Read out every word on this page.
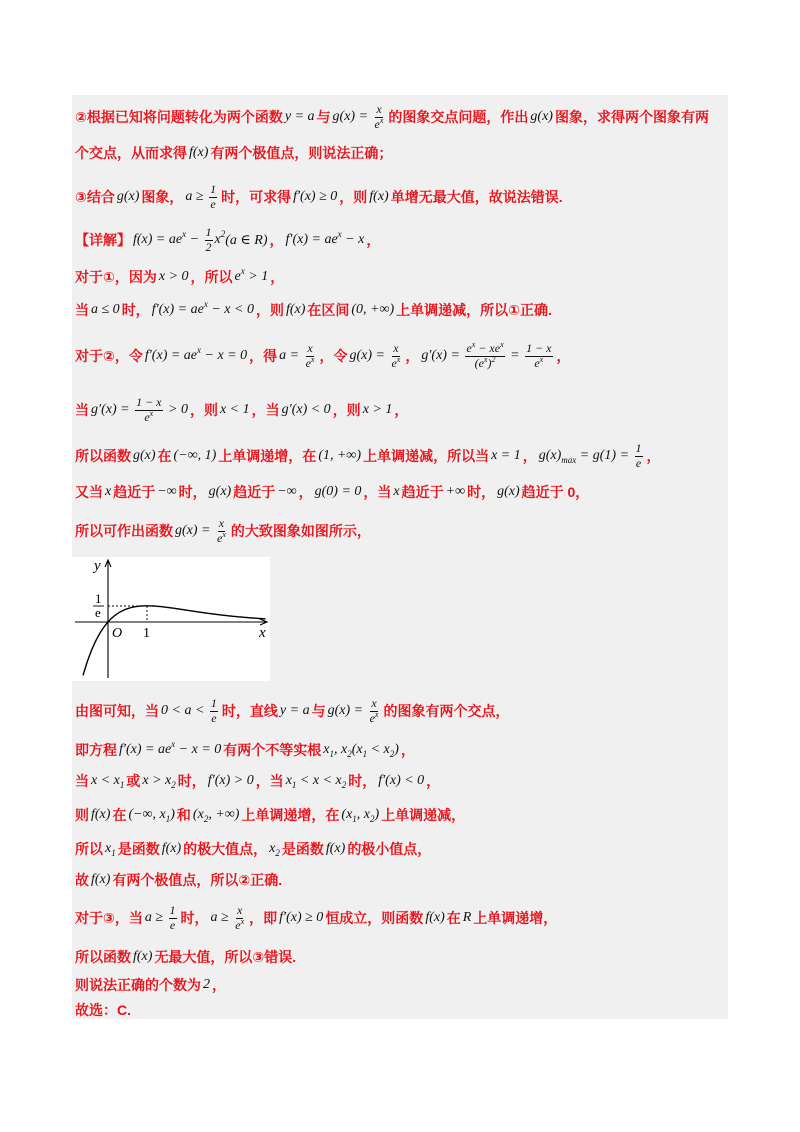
②根据已知将问题转化为两个函数 y = a 与 $g(x) = \frac{x}{\text{e x}}$ 的图象交点问题，作出 g(x) 图象，求得两个图象有两
个交点，从而求得 f(x) 有两个极值点，则说法正确；
③结合 g(x) 图象， $a \ge \frac{1}{e}$ 时，可求得 f′(x) ≥ 0 ，则 f(x) 单增无最大值，故说法错误.
【详解】 f(x) = ae $x - \frac{1}{2}$ x 2 (a ∈ R) ， f′(x) = ae x − x ，
对于①，因为 x > 0 ，所以 e x > 1 ，
当 a ≤ 0 时， f′(x) = ae x − x < 0 ，则 f(x) 在区间 (0, +∞) 上单调递减，所以①正确.
对于②，令 f′(x) = ae x − x = 0 ，得 $a = \frac{x}{\text{e x}}$ ，令 $g(x) = \frac{x}{\text{e x}}$ ， $g'(x) = \frac{\text{e x − xe x}}{\text{(e x ) 2}} = \frac{1 - x}{\text{e x}}$ ，
当 $g'(x) = \frac{1 - x}{\text{e x}} > 0$ ，则 x < 1 ，当 g′(x) < 0 ，则 x > 1 ，
所以函数 g(x) 在 (−∞, 1) 上单调递增，在 (1, +∞) 上单调递减，所以当 x = 1 ， g(x) $\max = g(1) = \frac{1}{e}$ ，
又当 x 趋近于 −∞ 时， g(x) 趋近于 −∞ ， g(0) = 0 ，当 x 趋近于 +∞ 时， g(x) 趋近于 0，
所以可作出函数 $g(x) = \frac{x}{\text{e x}}$ 的大致图象如图所示，
由图可知，当 $0 < a < \frac{1}{e}$ 时，直线 y = a 与 $g(x) = \frac{x}{\text{e x}}$ 的图象有两个交点，
即方程 f′(x) = ae x − x = 0 有两个不等实根 x 1 , x 2 (x 1 < x 2 ) ，
当 x < x 1 或 x > x 2 时， f′(x) > 0 ，当 x 1 < x < x 2 时， f′(x) < 0 ，
则 f(x) 在 (−∞, x 1 ) 和 (x 2 , +∞) 上单调递增，在 (x 1 , x 2 ) 上单调递减，
所以 x 1 是函数 f(x) 的极大值点， x 2 是函数 f(x) 的极小值点，
故 f(x) 有两个极值点，所以②正确.
对于③，当 $a \ge \frac{1}{e}$ 时， $a \ge \frac{x}{\text{e x}}$ ，即 f′(x) ≥ 0 恒成立，则函数 f(x) 在 R 上单调递增，
所以函数 f(x) 无最大值，所以③错误.
则说法正确的个数为 2 ，
故选：C.
y
x
O 1
1
e
